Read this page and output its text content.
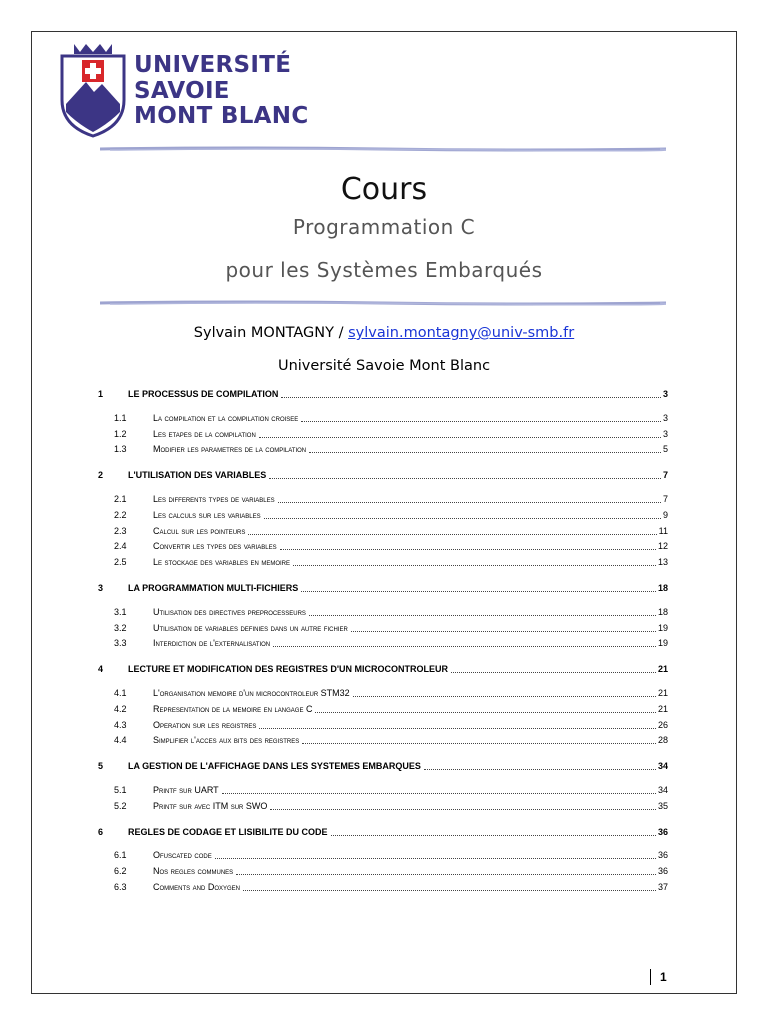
UNIVERSITÉ
SAVOIE
MONT BLANC
Cours
Programmation C
pour les Systèmes Embarqués
Sylvain MONTAGNY / sylvain.montagny@univ-smb.fr
Université Savoie Mont Blanc
1	LE PROCESSUS DE COMPILATION	3
1.1	La compilation et la compilation croisee	3
1.2	Les etapes de la compilation	3
1.3	Modifier les parametres de la compilation	5
2	L'UTILISATION DES VARIABLES	7
2.1	Les differents types de variables	7
2.2	Les calculs sur les variables	9
2.3	Calcul sur les pointeurs	11
2.4	Convertir les types des variables	12
2.5	Le stockage des variables en memoire	13
3	LA PROGRAMMATION MULTI-FICHIERS	18
3.1	Utilisation des directives preprocesseurs	18
3.2	Utilisation de variables definies dans un autre fichier	19
3.3	Interdiction de l'externalisation	19
4	LECTURE ET MODIFICATION DES REGISTRES D'UN MICROCONTROLEUR	21
4.1	L'organisation memoire d'un microcontroleur STM32	21
4.2	Representation de la memoire en langage C	21
4.3	Operation sur les registres	26
4.4	Simplifier l'acces aux bits des registres	28
5	LA GESTION DE L'AFFICHAGE DANS LES SYSTEMES EMBARQUES	34
5.1	Printf sur UART	34
5.2	Printf sur avec ITM sur SWO	35
6	REGLES DE CODAGE ET LISIBILITE DU CODE	36
6.1	Ofuscated code	36
6.2	Nos regles communes	36
6.3	Comments and Doxygen	37
1
